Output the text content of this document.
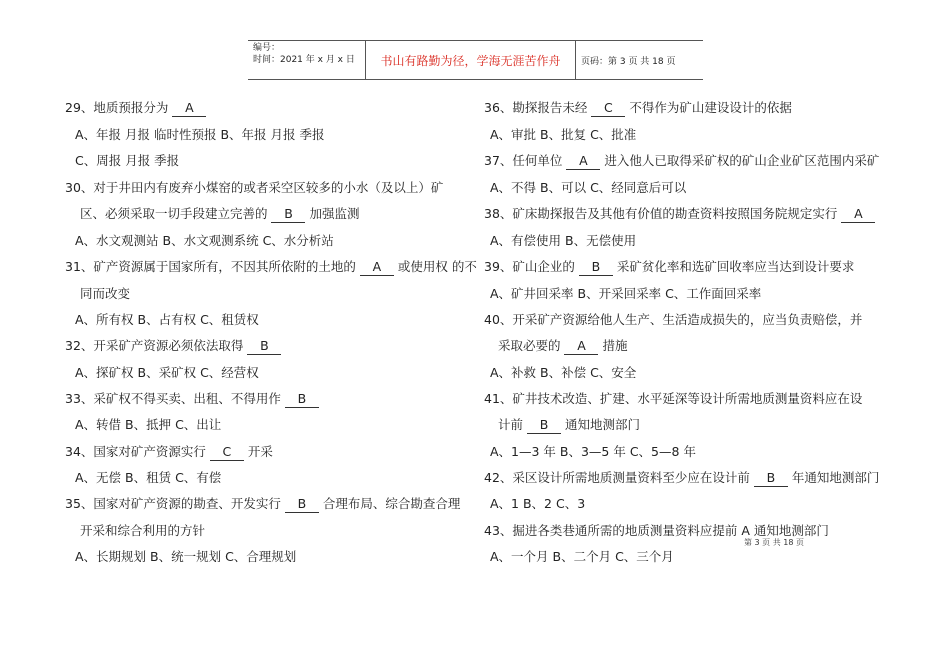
编号：
时间：2021 年 x 月 x 日	书山有路勤为径，学海无涯苦作舟	页码：第 3 页 共 18 页
29、地质预报分为 A
A、年报 月报 临时性预报 B、年报 月报 季报
C、周报 月报 季报
30、对于井田内有废弃小煤窑的或者采空区较多的小水（及以上）矿
区、必须采取一切手段建立完善的 B 加强监测
A、水文观测站 B、水文观测系统 C、水分析站
31、矿产资源属于国家所有，不因其所依附的土地的 A 或使用权 的不
同而改变
A、所有权 B、占有权 C、租赁权
32、开采矿产资源必须依法取得 B
A、探矿权 B、采矿权 C、经营权
33、采矿权不得买卖、出租、不得用作 B
A、转借 B、抵押 C、出让
34、国家对矿产资源实行 C 开采
A、无偿 B、租赁 C、有偿
35、国家对矿产资源的勘查、开发实行 B 合理布局、综合勘查合理
开采和综合利用的方针
A、长期规划 B、统一规划 C、合理规划
36、勘探报告未经 C 不得作为矿山建设设计的依据
A、审批 B、批复 C、批准
37、任何单位 A 进入他人已取得采矿权的矿山企业矿区范围内采矿
A、不得 B、可以 C、经同意后可以
38、矿床勘探报告及其他有价值的勘查资料按照国务院规定实行 A
A、有偿使用 B、无偿使用
39、矿山企业的 B 采矿贫化率和选矿回收率应当达到设计要求
A、矿井回采率 B、开采回采率 C、工作面回采率
40、开采矿产资源给他人生产、生活造成损失的，应当负责赔偿，并
采取必要的 A 措施
A、补救 B、补偿 C、安全
41、矿井技术改造、扩建、水平延深等设计所需地质测量资料应在设
计前 B 通知地测部门
A、1—3 年 B、3—5 年 C、5—8 年
42、采区设计所需地质测量资料至少应在设计前 B 年通知地测部门
A、1 B、2 C、3
43、掘进各类巷通所需的地质测量资料应提前 A 通知地测部门
A、一个月 B、二个月 C、三个月
第 3 页 共 18 页
